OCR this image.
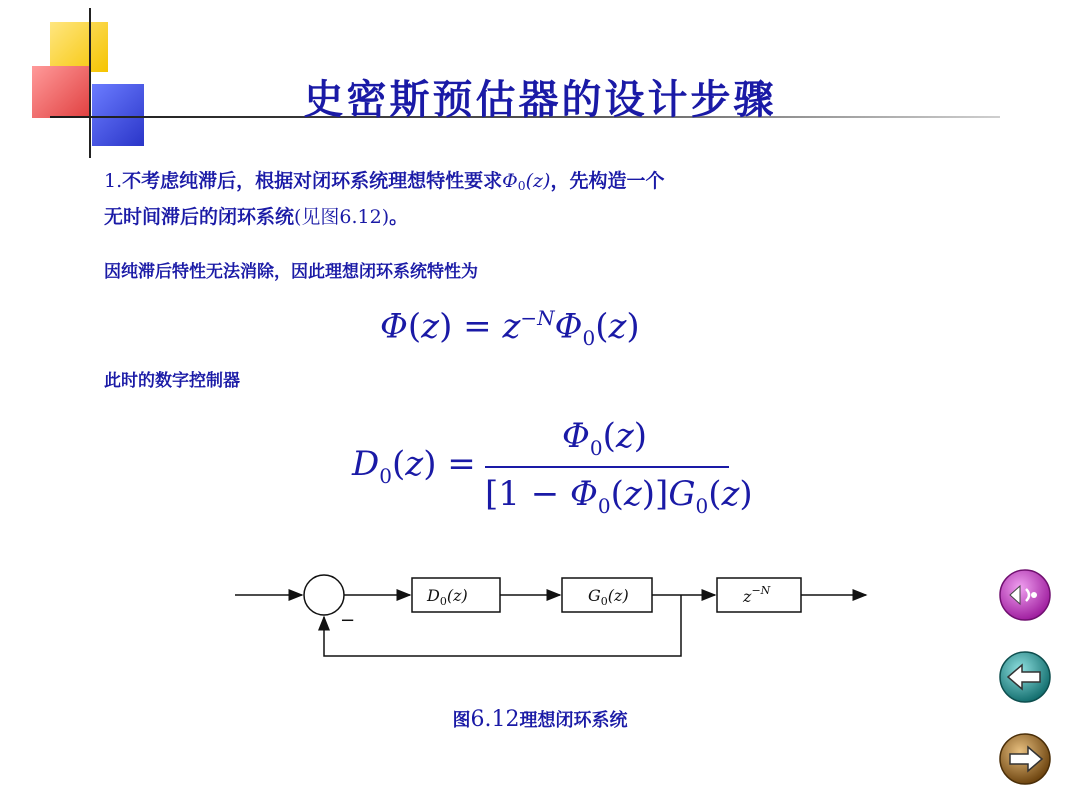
史密斯预估器的设计步骤
1.不考虑纯滞后，根据对闭环系统理想特性要求$\Phi_0(z)$，先构造一个
无时间滞后的闭环系统(见图6.12)。
因纯滞后特性无法消除，因此理想闭环系统特性为
$\Phi(z) = z^{-N}\Phi_0(z)$
此时的数字控制器
$D_0(z)$ =
$\Phi_0(z)$
$[1 - \Phi_0(z)]G_0(z)$
−
$D_0(z)$	$G_0(z)$	$z^{-N}$
图6.12理想闭环系统
